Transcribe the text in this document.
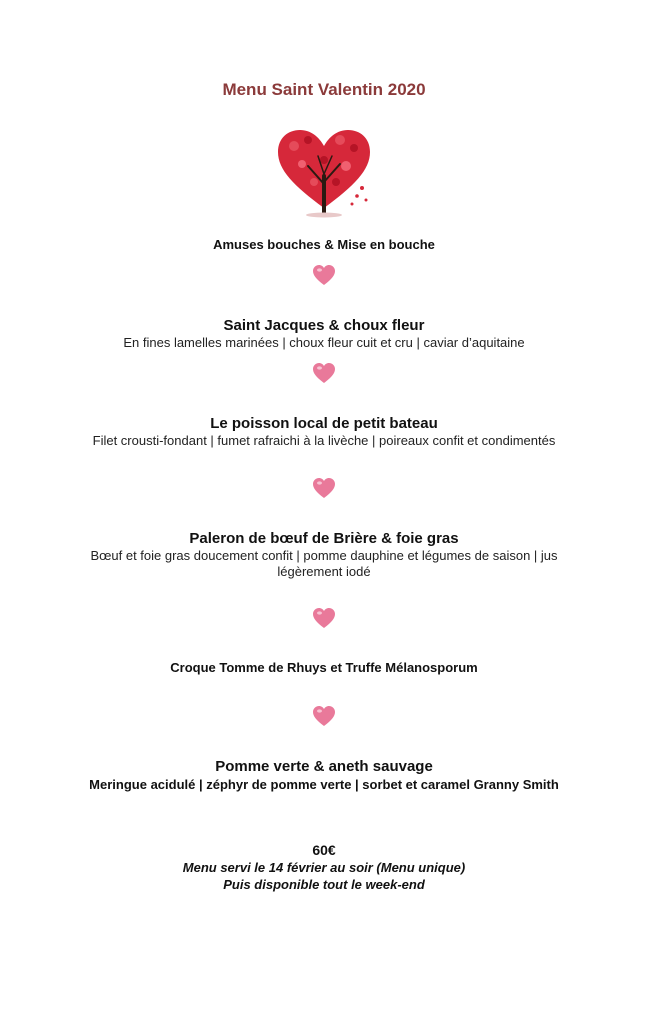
Menu Saint Valentin 2020
Amuses bouches & Mise en bouche
Saint Jacques & choux fleur
En fines lamelles marinées | choux fleur cuit et cru | caviar d’aquitaine
Le poisson local de petit bateau
Filet crousti-fondant | fumet rafraichi à la livèche | poireaux confit et condimentés
Paleron de bœuf de Brière & foie gras
Bœuf et foie gras doucement confit | pomme dauphine et légumes de saison | jus légèrement iodé
Croque Tomme de Rhuys et Truffe Mélanosporum
Pomme verte & aneth sauvage
Meringue acidulé | zéphyr de pomme verte | sorbet et caramel Granny Smith
60€
Menu servi le 14 février au soir (Menu unique)
Puis disponible tout le week-end
